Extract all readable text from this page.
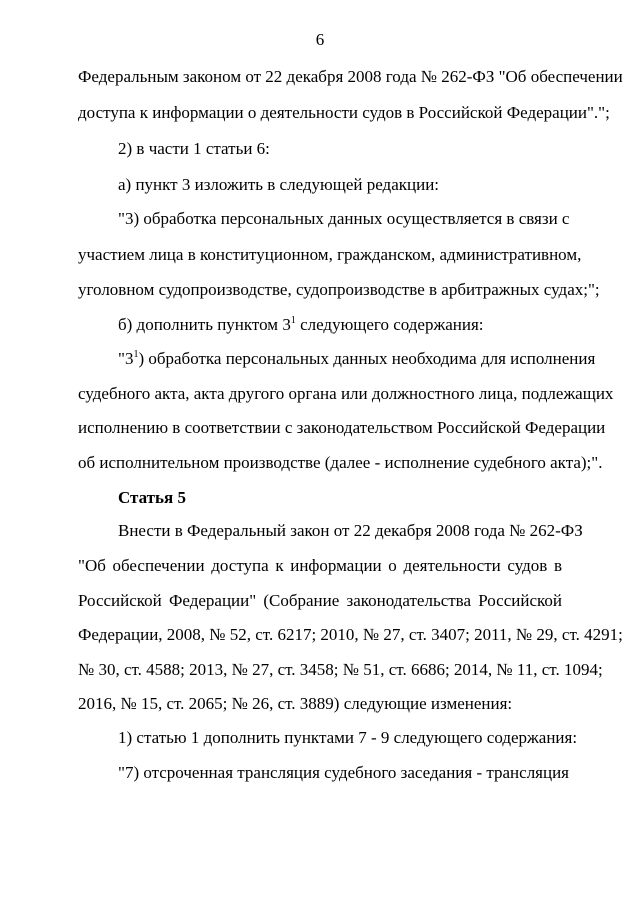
6
Федеральным законом от 22 декабря 2008 года № 262-ФЗ "Об обеспечении
доступа к информации о деятельности судов в Российской Федерации".";
2) в части 1 статьи 6:
а) пункт 3 изложить в следующей редакции:
"3) обработка персональных данных осуществляется в связи с
участием лица в конституционном, гражданском, административном,
уголовном судопроизводстве, судопроизводстве в арбитражных судах;";
б) дополнить пунктом $3^1$ следующего содержания:
"$3^1$) обработка персональных данных необходима для исполнения
судебного акта, акта другого органа или должностного лица, подлежащих
исполнению в соответствии с законодательством Российской Федерации
об исполнительном производстве (далее - исполнение судебного акта);".
Статья 5
Внести в Федеральный закон от 22 декабря 2008 года № 262-ФЗ
"Об обеспечении доступа к информации о деятельности судов в
Российской Федерации" (Собрание законодательства Российской
Федерации, 2008, № 52, ст. 6217; 2010, № 27, ст. 3407; 2011, № 29, ст. 4291;
№ 30, ст. 4588; 2013, № 27, ст. 3458; № 51, ст. 6686; 2014, № 11, ст. 1094;
2016, № 15, ст. 2065; № 26, ст. 3889) следующие изменения:
1) статью 1 дополнить пунктами 7 - 9 следующего содержания:
"7) отсроченная трансляция судебного заседания - трансляция
